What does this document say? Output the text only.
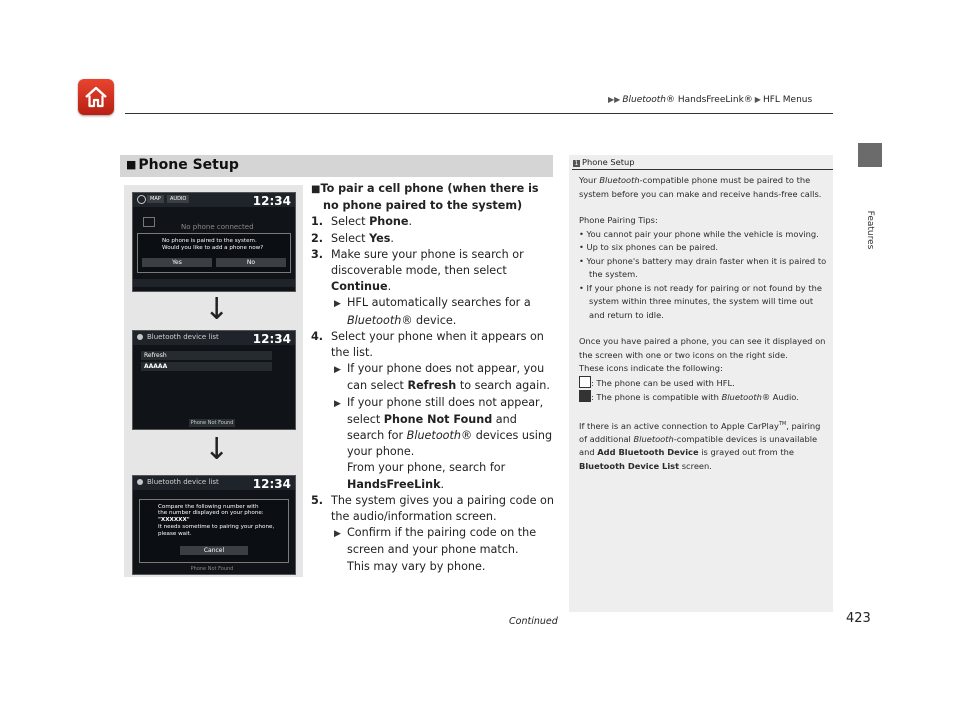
▶▶ Bluetooth® HandsFreeLink® ▶ HFL Menus
Features
■ Phone Setup
MAP	AUDIO	12:34
No phone connected
No phone is paired to the system.
Would you like to add a phone now?
Yes	No
↓
Bluetooth device list	12:34
Refresh
AAAAA
Phone Not Found
↓
Bluetooth device list	12:34
Compare the following number with
the number displayed on your phone:
"XXXXXX"
It needs sometime to pairing your phone,
please wait.
Cancel
Phone Not Found
■To pair a cell phone (when there is no phone paired to the system)
1. Select Phone.
2. Select Yes.
3. Make sure your phone is search or discoverable mode, then select Continue.
▶ HFL automatically searches for a Bluetooth® device.
4. Select your phone when it appears on the list.
▶ If your phone does not appear, you can select Refresh to search again.
▶ If your phone still does not appear, select Phone Not Found and search for Bluetooth® devices using your phone.
From your phone, search for HandsFreeLink.
5. The system gives you a pairing code on the audio/information screen.
▶ Confirm if the pairing code on the screen and your phone match.
This may vary by phone.
1 Phone Setup

Your Bluetooth-compatible phone must be paired to the system before you can make and receive hands-free calls.

Phone Pairing Tips:

• You cannot pair your phone while the vehicle is moving.
• Up to six phones can be paired.
• Your phone's battery may drain faster when it is paired to the system.
• If your phone is not ready for pairing or not found by the system within three minutes, the system will time out and return to idle.

Once you have paired a phone, you can see it displayed on the screen with one or two icons on the right side.
These icons indicate the following:
: The phone can be used with HFL.
: The phone is compatible with Bluetooth® Audio.

If there is an active connection to Apple CarPlay™, pairing of additional Bluetooth-compatible devices is unavailable and Add Bluetooth Device is grayed out from the Bluetooth Device List screen.

Continued	423
